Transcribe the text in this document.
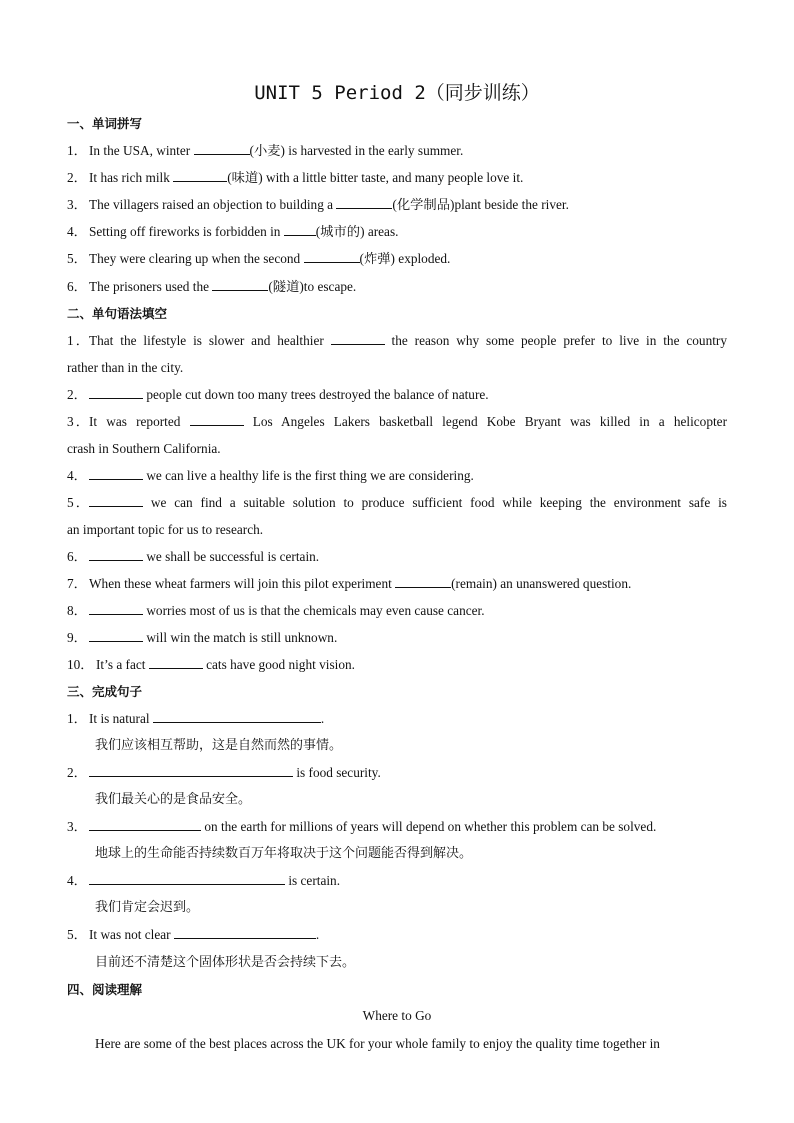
UNIT 5 Period 2（同步训练）
一、单词拼写
1． In the USA, winter	(小麦) is harvested in the early summer.
2． It has rich milk	(味道) with a little bitter taste, and many people love it.
3． The villagers raised an objection to building a	(化学制品)plant beside the river.
4． Setting off fireworks is forbidden in (城市的) areas.
5． They were clearing up when the second	(炸弹) exploded.
6． The prisoners used the	(隧道)to escape.
二、单句语法填空
1．That the lifestyle is slower and healthier	the reason why some people prefer to live in the country
rather than in the city.
2．	people cut down too many trees destroyed the balance of nature.
3．It was reported	Los Angeles Lakers basketball legend Kobe Bryant was killed in a helicopter
crash in Southern California.
4．	we can live a healthy life is the first thing we are considering.
5．	we can find a suitable solution to produce sufficient food while keeping the environment safe is
an important topic for us to research.
6．	we shall be successful is certain.
7． When these wheat farmers will join this pilot experiment	(remain) an unanswered question.
8．	worries most of us is that the chemicals may even cause cancer.
9．	will win the match is still unknown.
10． It’s a fact	cats have good night vision.
三、完成句子
1． It is natural	.
我们应该相互帮助，这是自然而然的事情。
2．	is food security.
我们最关心的是食品安全。
3．	on the earth for millions of years will depend on whether this problem can be solved.
地球上的生命能否持续数百万年将取决于这个问题能否得到解决。
4．	is certain.
我们肯定会迟到。
5． It was not clear	.
目前还不清楚这个固体形状是否会持续下去。
四、阅读理解
Where to Go
Here are some of the best places across the UK for your whole family to enjoy the quality time together in
